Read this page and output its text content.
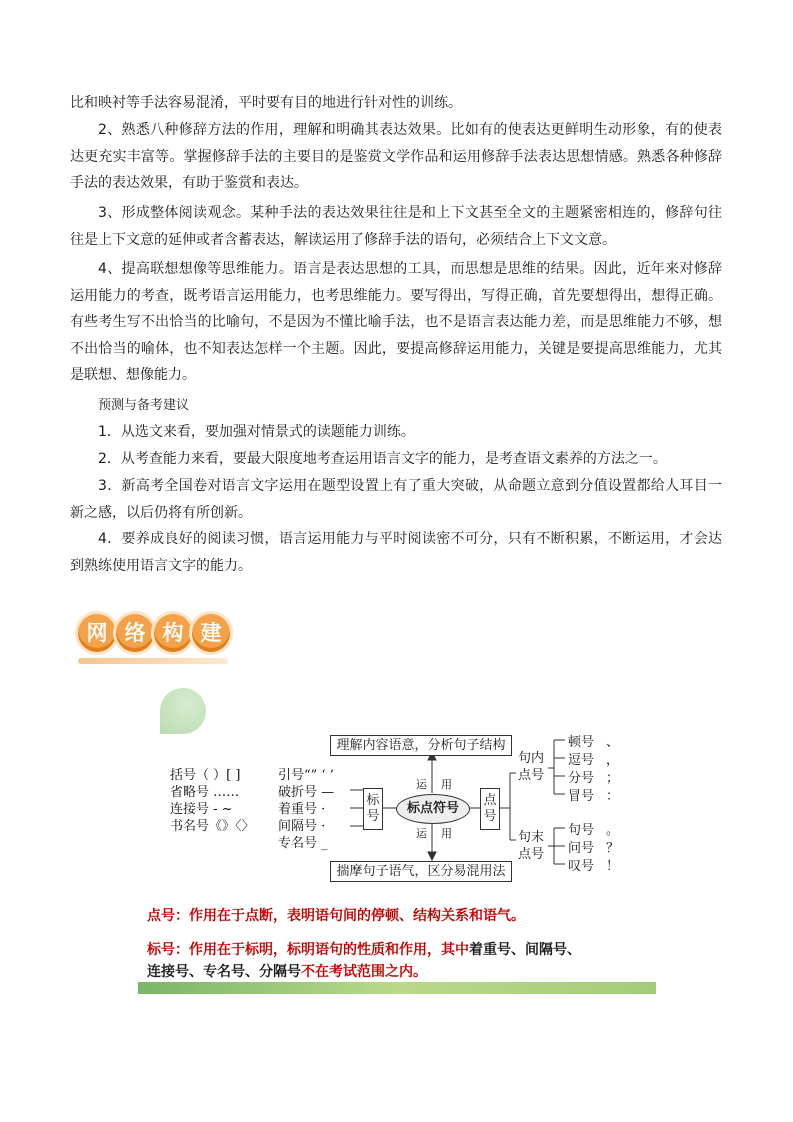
比和映衬等手法容易混淆，平时要有目的地进行针对性的训练。

2、熟悉八种修辞方法的作用，理解和明确其表达效果。比如有的使表达更鲜明生动形象，有的使表达更充实丰富等。掌握修辞手法的主要目的是鉴赏文学作品和运用修辞手法表达思想情感。熟悉各种修辞手法的表达效果，有助于鉴赏和表达。

3、形成整体阅读观念。某种手法的表达效果往往是和上下文甚至全文的主题紧密相连的，修辞句往往是上下文意的延伸或者含蓄表达，解读运用了修辞手法的语句，必须结合上下文文意。

4、提高联想想像等思维能力。语言是表达思想的工具，而思想是思维的结果。因此，近年来对修辞运用能力的考查，既考语言运用能力，也考思维能力。要写得出，写得正确，首先要想得出，想得正确。有些考生写不出恰当的比喻句，不是因为不懂比喻手法，也不是语言表达能力差，而是思维能力不够，想不出恰当的喻体，也不知表达怎样一个主题。因此，要提高修辞运用能力，关键是要提高思维能力，尤其是联想、想像能力。

预测与备考建议

1．从选文来看，要加强对情景式的读题能力训练。

2．从考查能力来看，要最大限度地考查运用语言文字的能力，是考查语文素养的方法之一。

3．新高考全国卷对语言文字运用在题型设置上有了重大突破，从命题立意到分值设置都给人耳目一新之感，以后仍将有所创新。

4．要养成良好的阅读习惯，语言运用能力与平时阅读密不可分，只有不断积累，不断运用，才会达到熟练使用语言文字的能力。

网 络 构 建
理解内容语意，分析句子结构
揣摩句子语气，区分易混用法
标点符号
运 用
运 用
标号
点号
括号（ ）[ ]
省略号 ……
连接号 - ~
书名号《》〈〉
引号“” ‘ ’
破折号 —
着重号 ·
间隔号 ·
专名号 _
句内
点号
句末
点号
顿号 、
逗号 ，
分号 ；
冒号 ：
句号 。
问号 ？
叹号 ！
点号：作用在于点断，表明语句间的停顿、结构关系和语气。
标号：作用在于标明，标明语句的性质和作用，其中着重号、间隔号、
连接号、专名号、分隔号不在考试范围之内。
